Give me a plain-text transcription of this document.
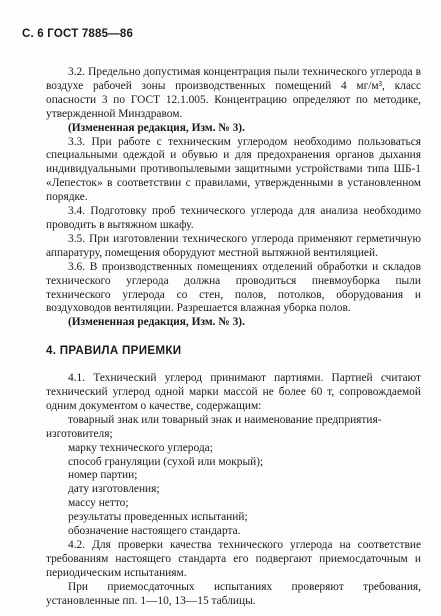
С. 6 ГОСТ 7885—86

3.2. Предельно допустимая концентрация пыли технического углерода в воздухе рабочей зоны производственных помещений 4 мг/м³, класс опасности 3 по ГОСТ 12.1.005. Концентрацию определяют по методике, утвержденной Минздравом.

(Измененная редакция, Изм. № 3).

3.3. При работе с техническим углеродом необходимо пользоваться специальными одеждой и обувью и для предохранения органов дыхания индивидуальными противопылевыми защитными устройствами типа ШБ-1 «Лепесток» в соответствии с правилами, утвержденными в установленном порядке.

3.4. Подготовку проб технического углерода для анализа необходимо проводить в вытяжном шкафу.

3.5. При изготовлении технического углерода применяют герметичную аппаратуру, помещения оборудуют местной вытяжной вентиляцией.

3.6. В производственных помещениях отделений обработки и складов технического углерода должна проводиться пневмоуборка пыли технического углерода со стен, полов, потолков, оборудования и воздуховодов вентиляции. Разрешается влажная уборка полов.

(Измененная редакция, Изм. № 3).

4. ПРАВИЛА ПРИЕМКИ

4.1. Технический углерод принимают партиями. Партией считают технический углерод одной марки массой не более 60 т, сопровождаемой одним документом о качестве, содержащим:

товарный знак или товарный знак и наименование предприятия-изготовителя;

марку технического углерода;

способ грануляции (сухой или мокрый);

номер партии;

дату изготовления;

массу нетто;

результаты проведенных испытаний;

обозначение настоящего стандарта.

4.2. Для проверки качества технического углерода на соответствие требованиям настоящего стандарта его подвергают приемосдаточным и периодическим испытаниям.

При приемосдаточных испытаниях проверяют требования, установленные пп. 1—10, 13—15 таблицы.
